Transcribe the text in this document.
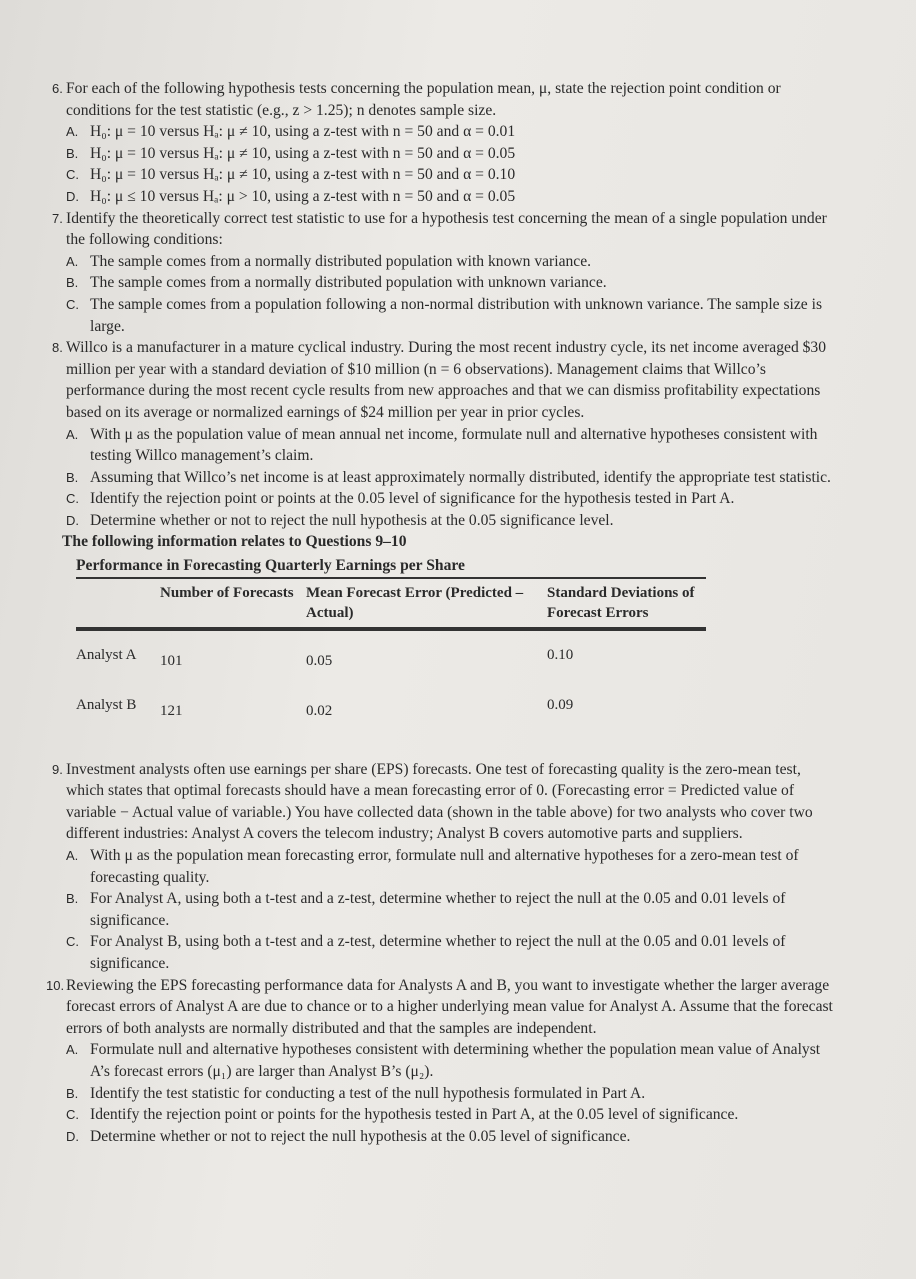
6. For each of the following hypothesis tests concerning the population mean, μ, state the rejection point condition or conditions for the test statistic (e.g., z > 1.25); n denotes sample size.
A. H₀: μ = 10 versus Hₐ: μ ≠ 10, using a z-test with n = 50 and α = 0.01
B. H₀: μ = 10 versus Hₐ: μ ≠ 10, using a z-test with n = 50 and α = 0.05
C. H₀: μ = 10 versus Hₐ: μ ≠ 10, using a z-test with n = 50 and α = 0.10
D. H₀: μ ≤ 10 versus Hₐ: μ > 10, using a z-test with n = 50 and α = 0.05
7. Identify the theoretically correct test statistic to use for a hypothesis test concerning the mean of a single population under the following conditions:
A. The sample comes from a normally distributed population with known variance.
B. The sample comes from a normally distributed population with unknown variance.
C. The sample comes from a population following a non-normal distribution with unknown variance. The sample size is large.
8. Willco is a manufacturer in a mature cyclical industry. During the most recent industry cycle, its net income averaged $30 million per year with a standard deviation of $10 million (n = 6 observations). Management claims that Willco’s performance during the most recent cycle results from new approaches and that we can dismiss profitability expectations based on its average or normalized earnings of $24 million per year in prior cycles.
A. With μ as the population value of mean annual net income, formulate null and alternative hypotheses consistent with testing Willco management’s claim.
B. Assuming that Willco’s net income is at least approximately normally distributed, identify the appropriate test statistic.
C. Identify the rejection point or points at the 0.05 level of significance for the hypothesis tested in Part A.
D. Determine whether or not to reject the null hypothesis at the 0.05 significance level.
The following information relates to Questions 9–10
Performance in Forecasting Quarterly Earnings per Share
	Number of Forecasts	Mean Forecast Error (Predicted – Actual)	Standard Deviations of Forecast Errors
Analyst A	101	0.05	0.10
Analyst B	121	0.02	0.09
9. Investment analysts often use earnings per share (EPS) forecasts. One test of forecasting quality is the zero-mean test, which states that optimal forecasts should have a mean forecasting error of 0. (Forecasting error = Predicted value of variable − Actual value of variable.) You have collected data (shown in the table above) for two analysts who cover two different industries: Analyst A covers the telecom industry; Analyst B covers automotive parts and suppliers.
A. With μ as the population mean forecasting error, formulate null and alternative hypotheses for a zero-mean test of forecasting quality.
B. For Analyst A, using both a t-test and a z-test, determine whether to reject the null at the 0.05 and 0.01 levels of significance.
C. For Analyst B, using both a t-test and a z-test, determine whether to reject the null at the 0.05 and 0.01 levels of significance.
10. Reviewing the EPS forecasting performance data for Analysts A and B, you want to investigate whether the larger average forecast errors of Analyst A are due to chance or to a higher underlying mean value for Analyst A. Assume that the forecast errors of both analysts are normally distributed and that the samples are independent.
A. Formulate null and alternative hypotheses consistent with determining whether the population mean value of Analyst A’s forecast errors (μ₁) are larger than Analyst B’s (μ₂).
B. Identify the test statistic for conducting a test of the null hypothesis formulated in Part A.
C. Identify the rejection point or points for the hypothesis tested in Part A, at the 0.05 level of significance.
D. Determine whether or not to reject the null hypothesis at the 0.05 level of significance.
